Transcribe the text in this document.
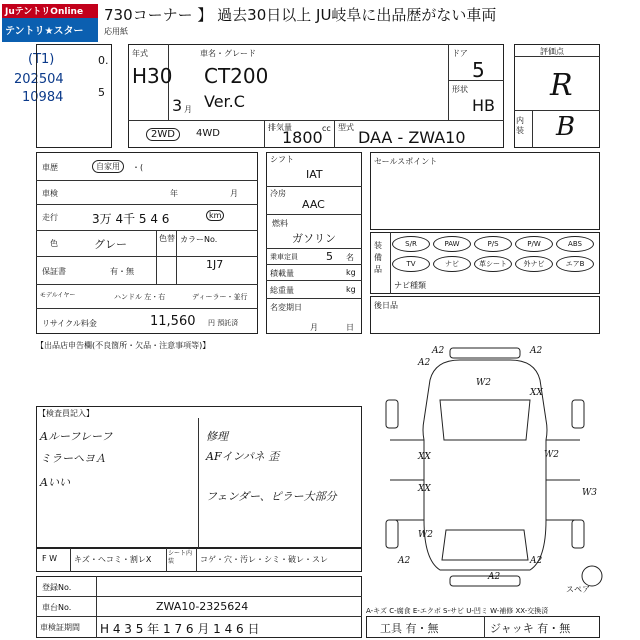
JuテントリOnline
テントリ★スター
730コーナー 】 過去30日以上 JU岐阜に出品歴がない車両
応用紙
(T1)
202504
10984
0.
5
年式
H30
3 月
車名・グレード
CT200
Ver.C
ドア
5
形状
HB
2WD	4WD
排気量
1800 cc 型式
DAA - ZWA10
評価点
R
内装 B
車歴	自家用	・(
車検	年	月
走行	3万 4千 5 4 6	km
色	グレー	色替 カラーNo.
1J7
保証書	有・無
モデルイヤー	ハンドル 左・右	ディーラー・並行
リサイクル料金	11,560 円 預託済
シフト
IAT
冷房
AAC
燃料
ガソリン
乗車定員	5 名
積載量	kg
総重量	kg
名変期日
月	日
セールスポイント
装備品
S/R	PAW	P/S	P/W	ABS
TV	ナビ	革シート	外ナビ	エアB
ナビ種類
後日品
【出品店申告欄(不良箇所・欠品・注意事項等)】
【検査員記入】
Aルーフレーフ
ミラーヘヨＡ
Aいい
修理
AFインパネ 歪
フェンダー、ピラー大部分
F W キズ・ヘコミ・割レX
シート内装	コゲ・穴・汚レ・シミ・破レ・スレ
登録No.
車台No.	ZWA10-2325624
車検証期間 H 4 3 5 年 1 7 6 月 1 4 6 日
A-キズ C-腐食 E-エクボ S-サビ U-凹ミ W-補修 XX-交換済
工具 有・無	ジャッキ 有・無
スペア
A2	A2
A2
XX
W2
W2
XX
XX	W3
W2
A2
A2
A2
